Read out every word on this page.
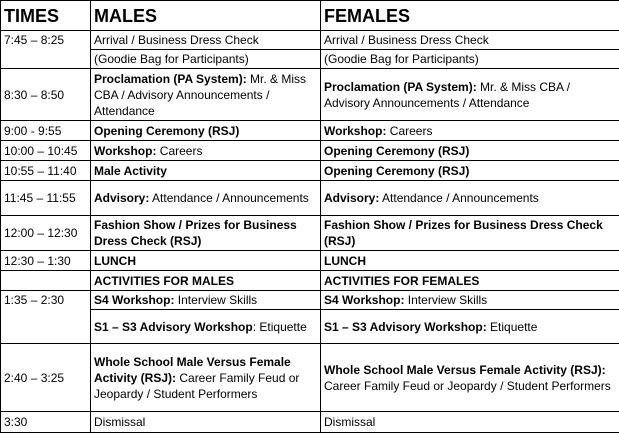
TIMES	MALES	FEMALES
7:45 – 8:25	Arrival / Business Dress Check	Arrival / Business Dress Check
	(Goodie Bag for Participants)	(Goodie Bag for Participants)
8:30 – 8:50	Proclamation (PA System): Mr. & Miss CBA / Advisory Announcements / Attendance	Proclamation (PA System): Mr. & Miss CBA / Advisory Announcements / Attendance
9:00 - 9:55	Opening Ceremony (RSJ)	Workshop: Careers
10:00 – 10:45	Workshop: Careers	Opening Ceremony (RSJ)
10:55 – 11:40	Male Activity	Opening Ceremony (RSJ)
11:45 – 11:55	Advisory: Attendance / Announcements	Advisory: Attendance / Announcements
12:00 – 12:30	Fashion Show / Prizes for Business Dress Check (RSJ)	Fashion Show / Prizes for Business Dress Check (RSJ)
12:30 – 1:30	LUNCH	LUNCH
	ACTIVITIES FOR MALES	ACTIVITIES FOR FEMALES
1:35 – 2:30	S4 Workshop: Interview Skills	S4 Workshop: Interview Skills
	S1 – S3 Advisory Workshop: Etiquette	S1 – S3 Advisory Workshop: Etiquette
2:40 – 3:25	Whole School Male Versus Female Activity (RSJ): Career Family Feud or Jeopardy / Student Performers	Whole School Male Versus Female Activity (RSJ): Career Family Feud or Jeopardy / Student Performers
3:30	Dismissal	Dismissal
